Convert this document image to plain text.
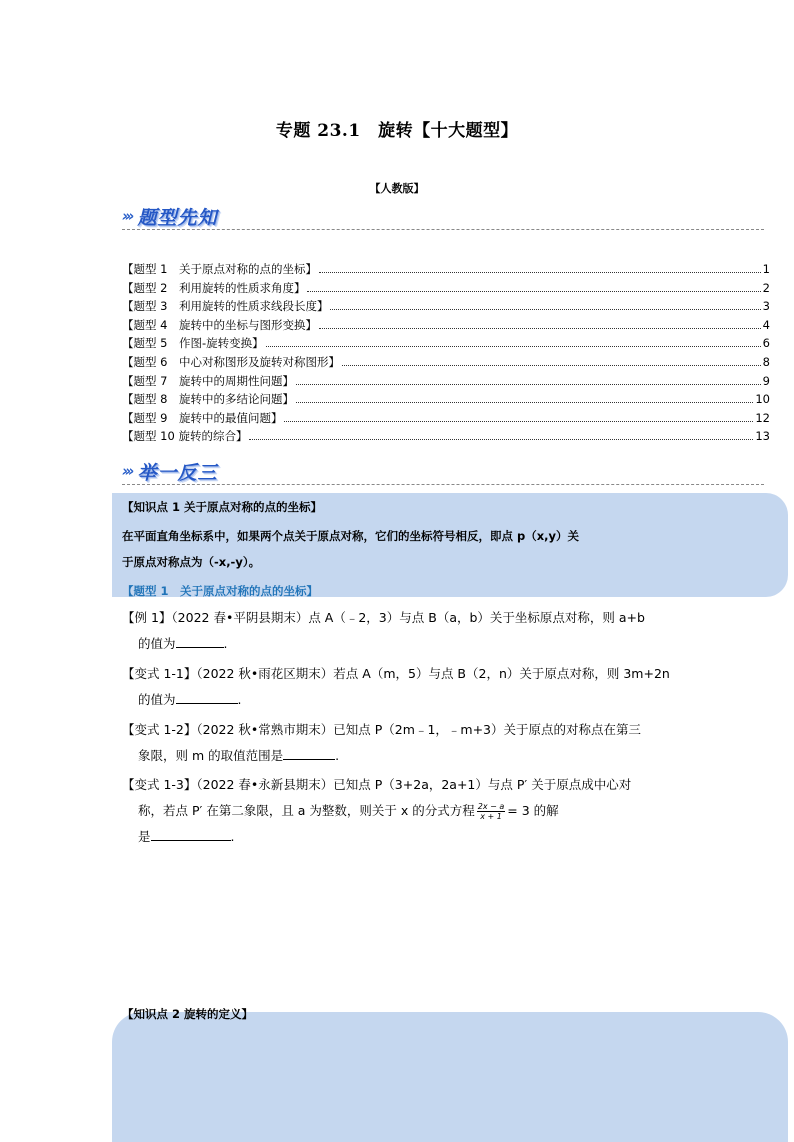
专题 23.1　旋转【十大题型】
【人教版】
››› 题型先知
【题型 1　关于原点对称的点的坐标】	1
【题型 2　利用旋转的性质求角度】	2
【题型 3　利用旋转的性质求线段长度】	3
【题型 4　旋转中的坐标与图形变换】	4
【题型 5　作图-旋转变换】	6
【题型 6　中心对称图形及旋转对称图形】	8
【题型 7　旋转中的周期性问题】	9
【题型 8　旋转中的多结论问题】	10
【题型 9　旋转中的最值问题】	12
【题型 10 旋转的综合】	13
››› 举一反三
【知识点 1 关于原点对称的点的坐标】
在平面直角坐标系中，如果两个点关于原点对称，它们的坐标符号相反，即点 p（x,y）关
于原点对称点为（-x,-y）。
【题型 1　关于原点对称的点的坐标】
【例 1】（2022 春•平阴县期末）点 A（﹣2，3）与点 B（a，b）关于坐标原点对称，则 a+b
的值为	.
【变式 1-1】（2022 秋•雨花区期末）若点 A（m，5）与点 B（2，n）关于原点对称，则 3m+2n
的值为	.
【变式 1-2】（2022 秋•常熟市期末）已知点 P（2m﹣1，﹣m+3）关于原点的对称点在第三
象限，则 m 的取值范围是	.
【变式 1-3】（2022 春•永新县期末）已知点 P（3+2a，2a+1）与点 P′ 关于原点成中心对
称，若点 P′ 在第二象限，且 a 为整数，则关于 x 的分式方程 $\frac{2x - a}{x + 1} = 3$ 的解
是	.
【知识点 2 旋转的定义】
